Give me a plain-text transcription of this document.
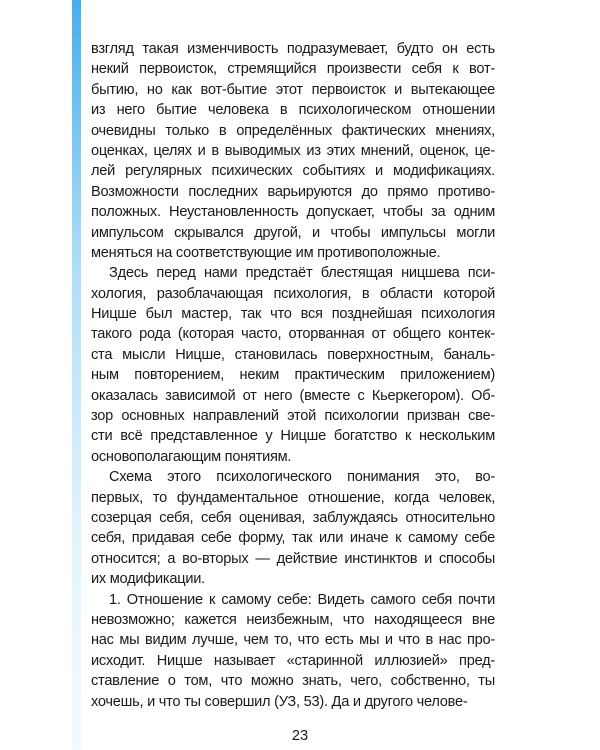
взгляд такая изменчивость подразумевает, будто он есть
некий первоисток, стремящийся произвести себя к вот-
бытию, но как вот-бытие этот первоисток и вытекающее
из него бытие человека в психологическом отношении
очевидны только в определённых фактических мнениях,
оценках, целях и в выводимых из этих мнений, оценок, це-
лей регулярных психических событиях и модификациях.
Возможности последних варьируются до прямо противо-
положных. Неустановленность допускает, чтобы за одним
импульсом скрывался другой, и чтобы импульсы могли
меняться на соответствующие им противоположные.
Здесь перед нами предстаёт блестящая ницшева пси-
хология, разоблачающая психология, в области которой
Ницше был мастер, так что вся позднейшая психология
такого рода (которая часто, оторванная от общего контек-
ста мысли Ницше, становилась поверхностным, баналь-
ным повторением, неким практическим приложением)
оказалась зависимой от него (вместе с Кьеркегором). Об-
зор основных направлений этой психологии призван све-
сти всё представленное у Ницше богатство к нескольким
основополагающим понятиям.
Схема этого психологического понимания это, во-
первых, то фундаментальное отношение, когда человек,
созерцая себя, себя оценивая, заблуждаясь относительно
себя, придавая себе форму, так или иначе к самому себе
относится; а во-вторых — действие инстинктов и способы
их модификации.
1. Отношение к самому себе: Видеть самого себя почти
невозможно; кажется неизбежным, что находящееся вне
нас мы видим лучше, чем то, что есть мы и что в нас про-
исходит. Ницше называет «старинной иллюзией» пред-
ставление о том, что можно знать, чего, собственно, ты
хочешь, и что ты совершил (УЗ, 53). Да и другого челове-
23
